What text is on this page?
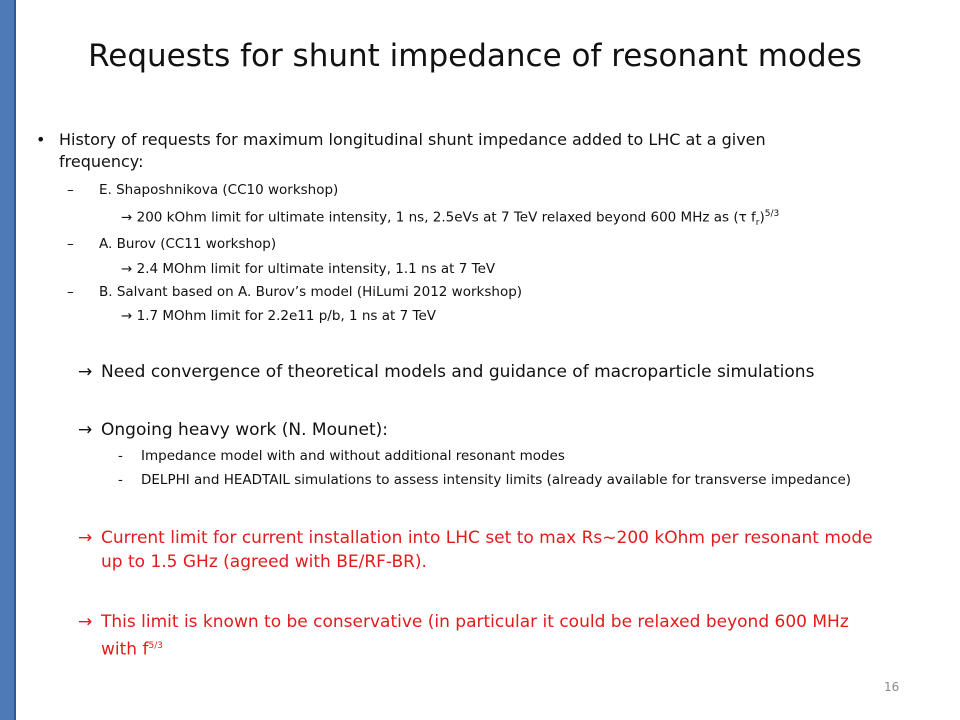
Requests for shunt impedance of resonant modes
• History of requests for maximum longitudinal shunt impedance added to LHC at a given
frequency:
– E. Shaposhnikova (CC10 workshop)
→ 200 kOhm limit for ultimate intensity, 1 ns, 2.5eVs at 7 TeV relaxed beyond 600 MHz as (τ $f_r)^{5/3}$
– A. Burov (CC11 workshop)
→ 2.4 MOhm limit for ultimate intensity, 1.1 ns at 7 TeV
– B. Salvant based on A. Burov’s model (HiLumi 2012 workshop)
→ 1.7 MOhm limit for 2.2e11 p/b, 1 ns at 7 TeV
→ Need convergence of theoretical models and guidance of macroparticle simulations
→ Ongoing heavy work (N. Mounet):
- Impedance model with and without additional resonant modes
- DELPHI and HEADTAIL simulations to assess intensity limits (already available for transverse impedance)
→ Current limit for current installation into LHC set to max Rs~200 kOhm per resonant mode
up to 1.5 GHz (agreed with BE/RF-BR).
→ This limit is known to be conservative (in particular it could be relaxed beyond 600 MHz
with $f^{5/3}$
16
